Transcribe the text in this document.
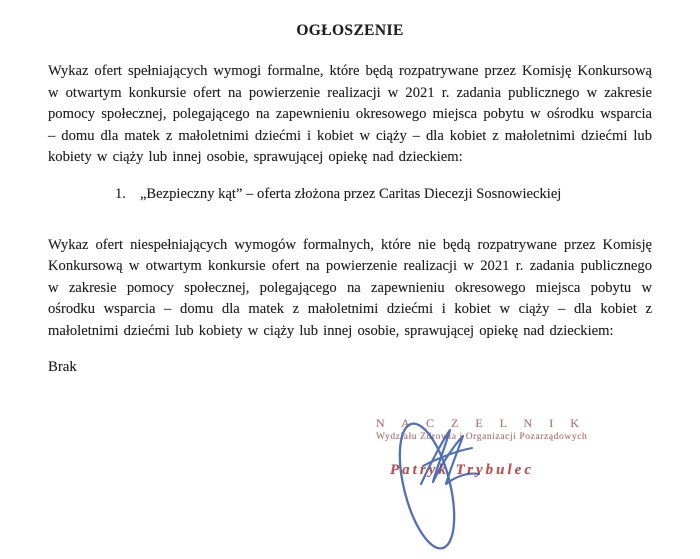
OGŁOSZENIE

Wykaz ofert spełniających wymogi formalne, które będą rozpatrywane przez Komisję Konkursową w otwartym konkursie ofert na powierzenie realizacji w 2021 r. zadania publicznego w zakresie pomocy społecznej, polegającego na zapewnieniu okresowego miejsca pobytu w ośrodku wsparcia – domu dla matek z małoletnimi dziećmi i kobiet w ciąży – dla kobiet z małoletnimi dziećmi lub kobiety w ciąży lub innej osobie, sprawującej opiekę nad dzieckiem:

1. „Bezpieczny kąt” – oferta złożona przez Caritas Diecezji Sosnowieckiej

Wykaz ofert niespełniających wymogów formalnych, które nie będą rozpatrywane przez Komisję Konkursową w otwartym konkursie ofert na powierzenie realizacji w 2021 r. zadania publicznego w zakresie pomocy społecznej, polegającego na zapewnieniu okresowego miejsca pobytu w ośrodku wsparcia – domu dla matek z małoletnimi dziećmi i kobiet w ciąży – dla kobiet z małoletnimi dziećmi lub kobiety w ciąży lub innej osobie, sprawującej opiekę nad dzieckiem:

Brak

N A C Z E L N I K
Wydziału Zdrowia i Organizacji Pozarządowych
Patryk Trybulec
